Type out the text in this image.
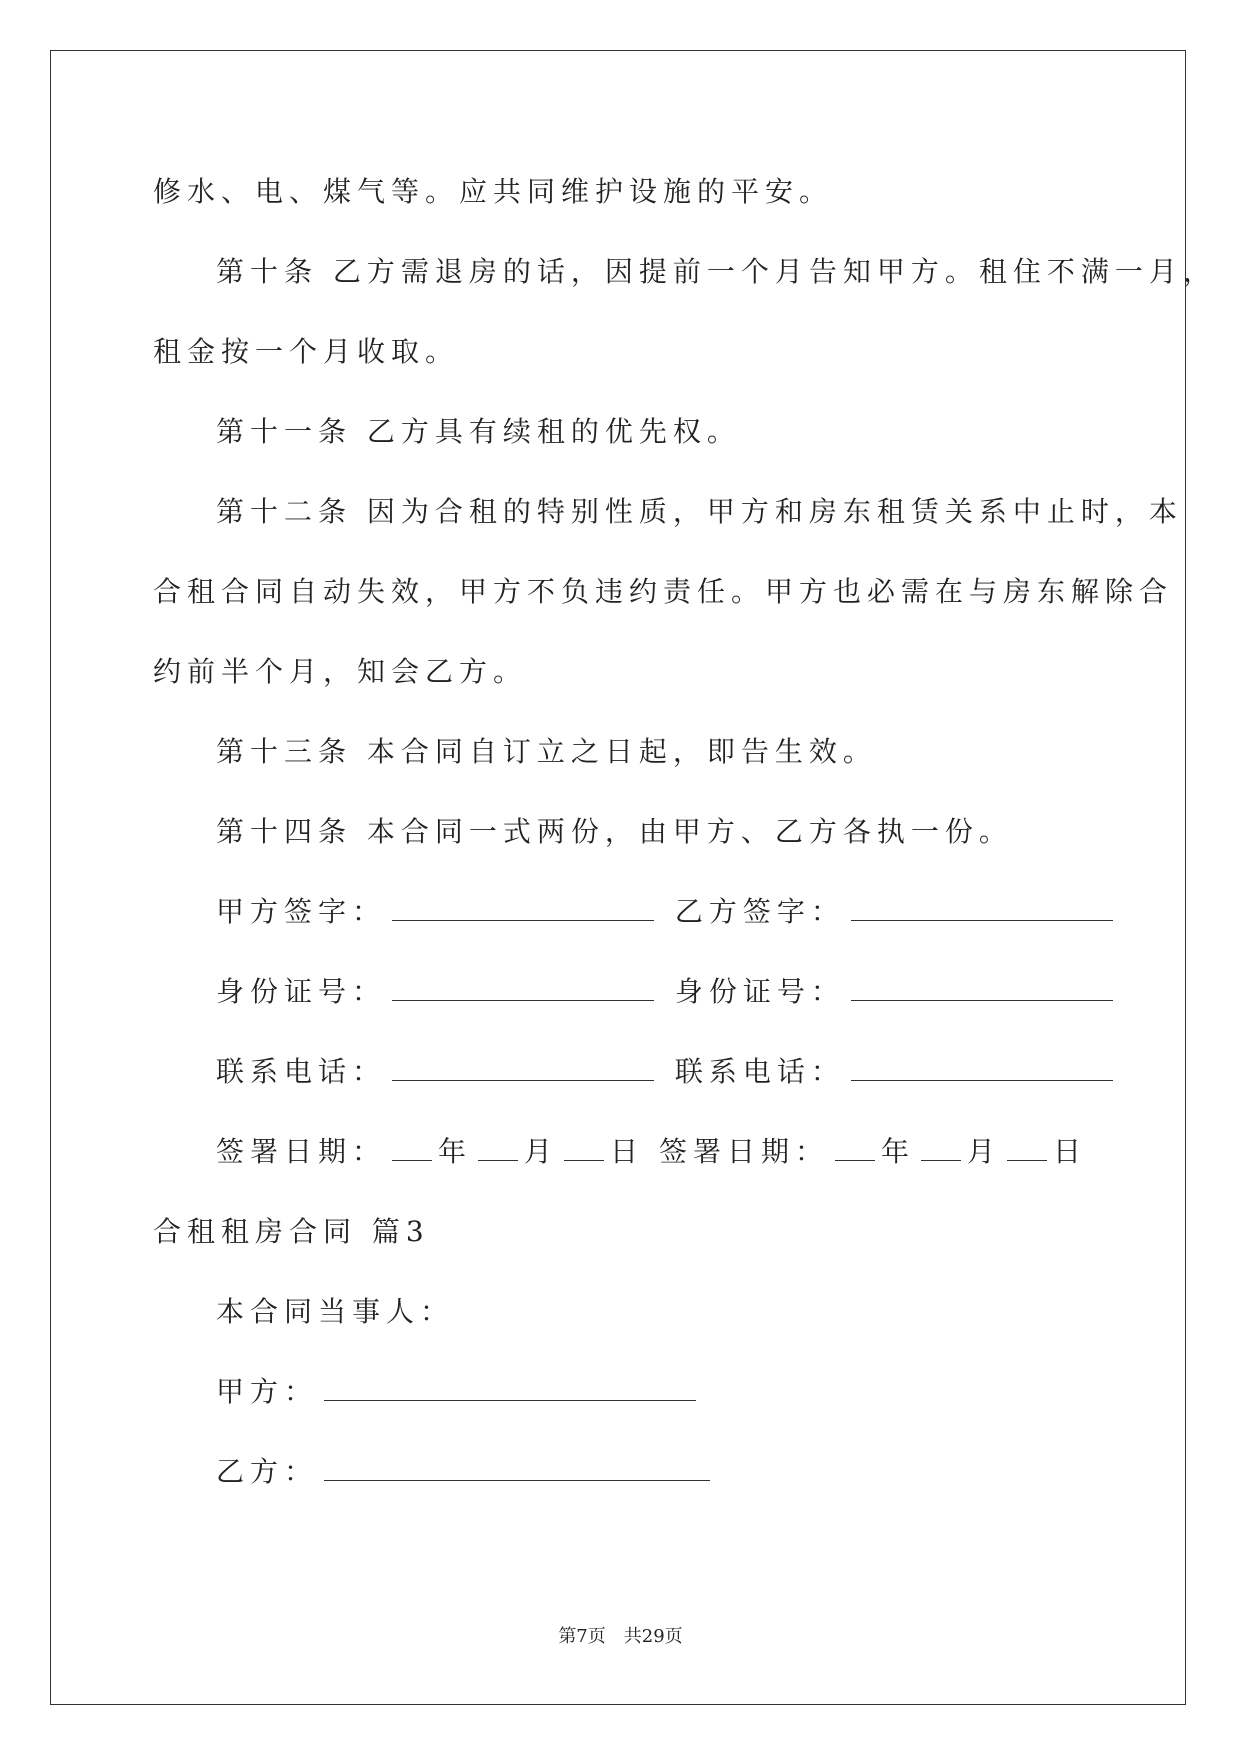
修水、电、煤气等。应共同维护设施的平安。
第十条 乙方需退房的话，因提前一个月告知甲方。租住不满一月，
租金按一个月收取。
第十一条 乙方具有续租的优先权。
第十二条 因为合租的特别性质，甲方和房东租赁关系中止时，本
合租合同自动失效，甲方不负违约责任。甲方也必需在与房东解除合
约前半个月，知会乙方。
第十三条 本合同自订立之日起，即告生效。
第十四条 本合同一式两份，由甲方、乙方各执一份。
甲方签字：	乙方签字：
身份证号：	身份证号：
联系电话：	联系电话：
签署日期： 年 月 日 签署日期： 年 月 日
合租租房合同 篇3
本合同当事人：
甲方：
乙方：
第7页　共29页
